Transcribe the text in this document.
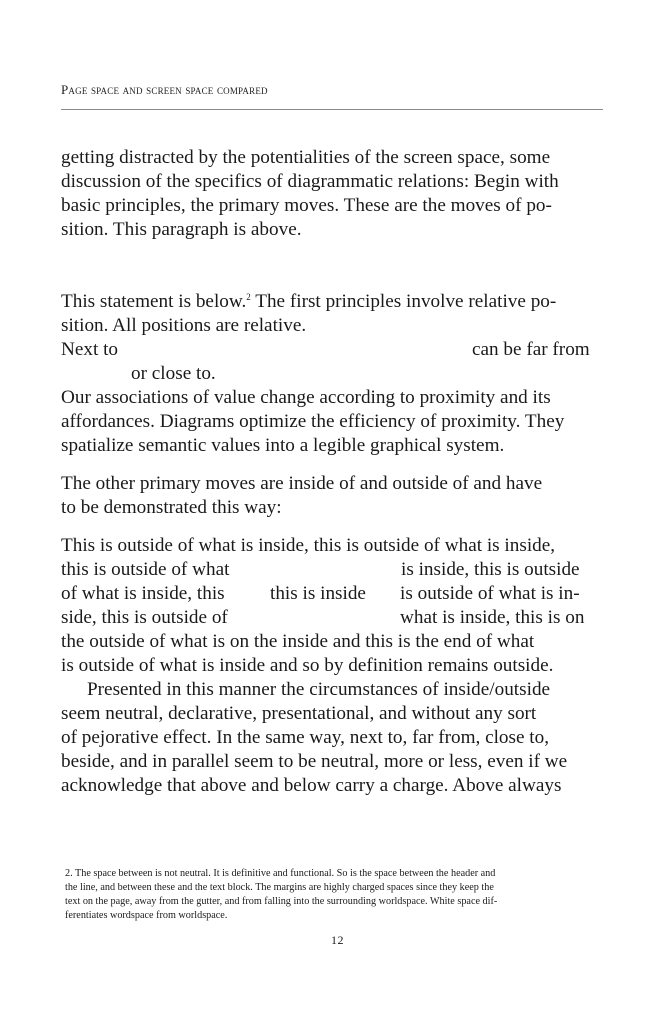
Page space and screen space compared
getting distracted by the potentialities of the screen space, some
discussion of the specifics of diagrammatic relations: Begin with
basic principles, the primary moves. These are the moves of po-
sition. This paragraph is above.
This statement is below.$^2$ The first principles involve relative po-
sition. All positions are relative.
Next to	can be far from
or close to.
Our associations of value change according to proximity and its
affordances. Diagrams optimize the efficiency of proximity. They
spatialize semantic values into a legible graphical system.
The other primary moves are inside of and outside of and have
to be demonstrated this way:
This is outside of what is inside, this is outside of what is inside,
this is outside of what	is inside, this is outside
of what is inside, this this is inside is outside of what is in-
side, this is outside of	what is inside, this is on
the outside of what is on the inside and this is the end of what
is outside of what is inside and so by definition remains outside.
Presented in this manner the circumstances of inside/outside
seem neutral, declarative, presentational, and without any sort
of pejorative effect. In the same way, next to, far from, close to,
beside, and in parallel seem to be neutral, more or less, even if we
acknowledge that above and below carry a charge. Above always
2. The space between is not neutral. It is definitive and functional. So is the space between the header and
the line, and between these and the text block. The margins are highly charged spaces since they keep the
text on the page, away from the gutter, and from falling into the surrounding worldspace. White space dif-
ferentiates wordspace from worldspace.
12
